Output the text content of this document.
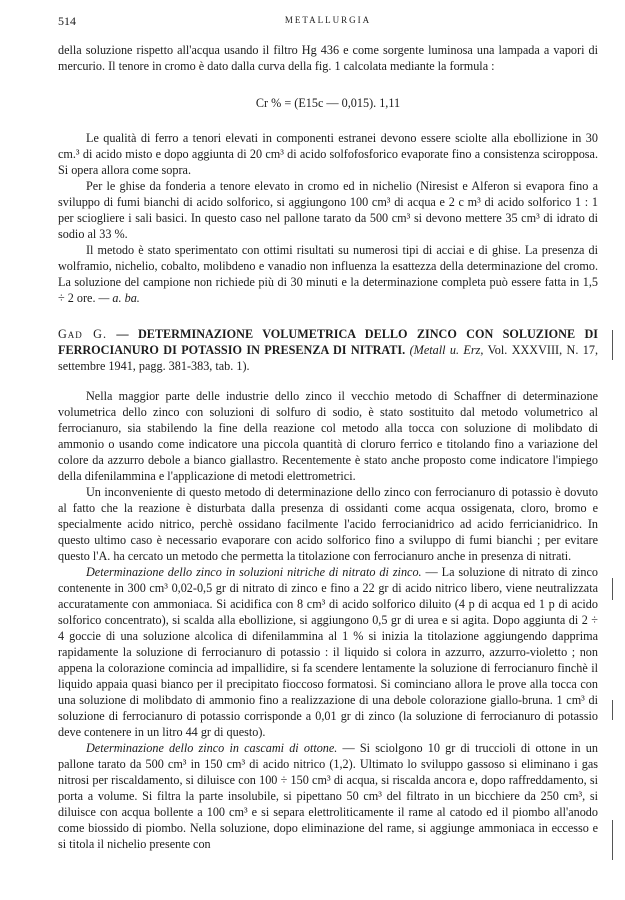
514	METALLURGIA

della soluzione rispetto all'acqua usando il filtro Hg 436 e come sorgente luminosa una lampada a vapori di mercurio. Il tenore in cromo è dato dalla curva della fig. 1 calcolata mediante la formula :

Cr % = (E15c — 0,015). 1,11

Le qualità di ferro a tenori elevati in componenti estranei devono essere sciolte alla ebollizione in 30 cm.³ di acido misto e dopo aggiunta di 20 cm³ di acido solfofosforico evaporate fino a consistenza sciropposa. Si opera allora come sopra.

Per le ghise da fonderia a tenore elevato in cromo ed in nichelio (Niresist e Alferon si evapora fino a sviluppo di fumi bianchi di acido solforico, si aggiungono 100 cm³ di acqua e 2 c m³ di acido solforico 1 : 1 per sciogliere i sali basici. In questo caso nel pallone tarato da 500 cm³ si devono mettere 35 cm³ di idrato di sodio al 33 %.

Il metodo è stato sperimentato con ottimi risultati su numerosi tipi di acciai e di ghise. La presenza di wolframio, nichelio, cobalto, molibdeno e vanadio non influenza la esattezza della determinazione del cromo. La soluzione del campione non richiede più di 30 minuti e la determinazione completa può essere fatta in 1,5 ÷ 2 ore. — a. ba.

Gad G. — DETERMINAZIONE VOLUMETRICA DELLO ZINCO CON SOLUZIONE DI FERROCIANURO DI POTASSIO IN PRESENZA DI NITRATI. (Metall u. Erz, Vol. XXXVIII, N. 17, settembre 1941, pagg. 381-383, tab. 1).

Nella maggior parte delle industrie dello zinco il vecchio metodo di Schaffner di determinazione volumetrica dello zinco con soluzioni di solfuro di sodio, è stato sostituito dal metodo volumetrico al ferrocianuro, sia stabilendo la fine della reazione col metodo alla tocca con soluzione di molibdato di ammonio o usando come indicatore una piccola quantità di cloruro ferrico e titolando fino a variazione del colore da azzurro debole a bianco giallastro. Recentemente è stato anche proposto come indicatore l'impiego della difenilammina e l'applicazione di metodi elettrometrici.

Un inconveniente di questo metodo di determinazione dello zinco con ferrocianuro di potassio è dovuto al fatto che la reazione è disturbata dalla presenza di ossidanti come acqua ossigenata, cloro, bromo e specialmente acido nitrico, perchè ossidano facilmente l'acido ferrocianidrico ad acido ferricianidrico. In questo ultimo caso è necessario evaporare con acido solforico fino a sviluppo di fumi bianchi ; per evitare questo l'A. ha cercato un metodo che permetta la titolazione con ferrocianuro anche in presenza di nitrati.

Determinazione dello zinco in soluzioni nitriche di nitrato di zinco. — La soluzione di nitrato di zinco contenente in 300 cm³ 0,02-0,5 gr di nitrato di zinco e fino a 22 gr di acido nitrico libero, viene neutralizzata accuratamente con ammoniaca. Si acidifica con 8 cm³ di acido solforico diluito (4 p di acqua ed 1 p di acido solforico concentrato), si scalda alla ebollizione, si aggiungono 0,5 gr di urea e si agita. Dopo aggiunta di 2 ÷ 4 goccie di una soluzione alcolica di difenilammina al 1 % si inizia la titolazione aggiungendo dapprima rapidamente la soluzione di ferrocianuro di potassio : il liquido si colora in azzurro, azzurro-violetto ; non appena la colorazione comincia ad impallidire, si fa scendere lentamente la soluzione di ferrocianuro finchè il liquido appaia quasi bianco per il precipitato fioccoso formatosi. Si cominciano allora le prove alla tocca con una soluzione di molibdato di ammonio fino a realizzazione di una debole colorazione giallo-bruna. 1 cm³ di soluzione di ferrocianuro di potassio corrisponde a 0,01 gr di zinco (la soluzione di ferrocianuro di potassio deve contenere in un litro 44 gr di questo).

Determinazione dello zinco in cascami di ottone. — Si sciolgono 10 gr di truccioli di ottone in un pallone tarato da 500 cm³ in 150 cm³ di acido nitrico (1,2). Ultimato lo sviluppo gassoso si eliminano i gas nitrosi per riscaldamento, si diluisce con 100 ÷ 150 cm³ di acqua, si riscalda ancora e, dopo raffreddamento, si porta a volume. Si filtra la parte insolubile, si pipettano 50 cm³ del filtrato in un bicchiere da 250 cm³, si diluisce con acqua bollente a 100 cm³ e si separa elettroliticamente il rame al catodo ed il piombo all'anodo come biossido di piombo. Nella soluzione, dopo eliminazione del rame, si aggiunge ammoniaca in eccesso e si titola il nichelio presente con
